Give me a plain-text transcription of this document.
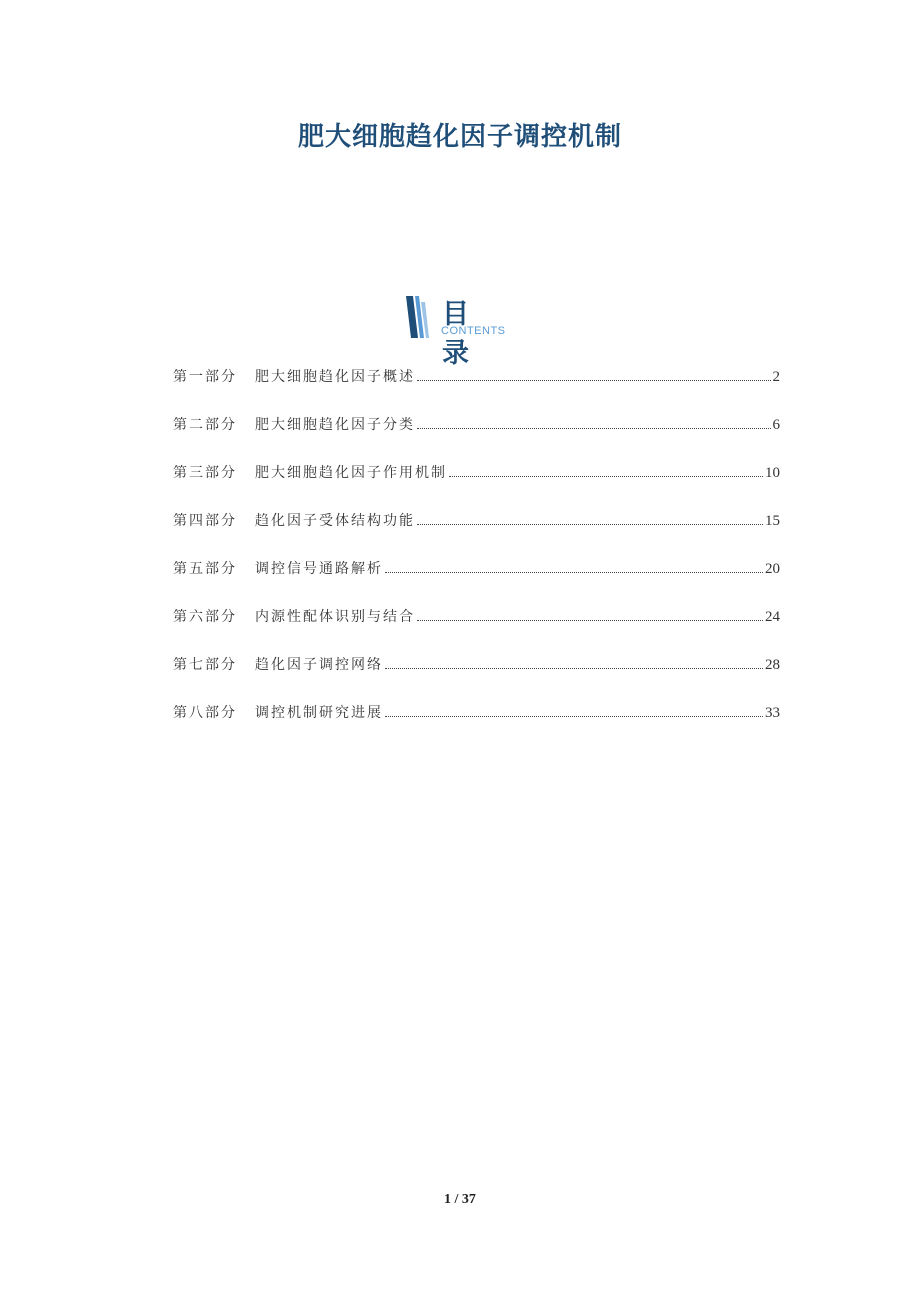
肥大细胞趋化因子调控机制
目 录
CONTENTS
第一部分	肥大细胞趋化因子概述	2
第二部分	肥大细胞趋化因子分类	6
第三部分	肥大细胞趋化因子作用机制	10
第四部分	趋化因子受体结构功能	15
第五部分	调控信号通路解析	20
第六部分	内源性配体识别与结合	24
第七部分	趋化因子调控网络	28
第八部分	调控机制研究进展	33
1 / 37
